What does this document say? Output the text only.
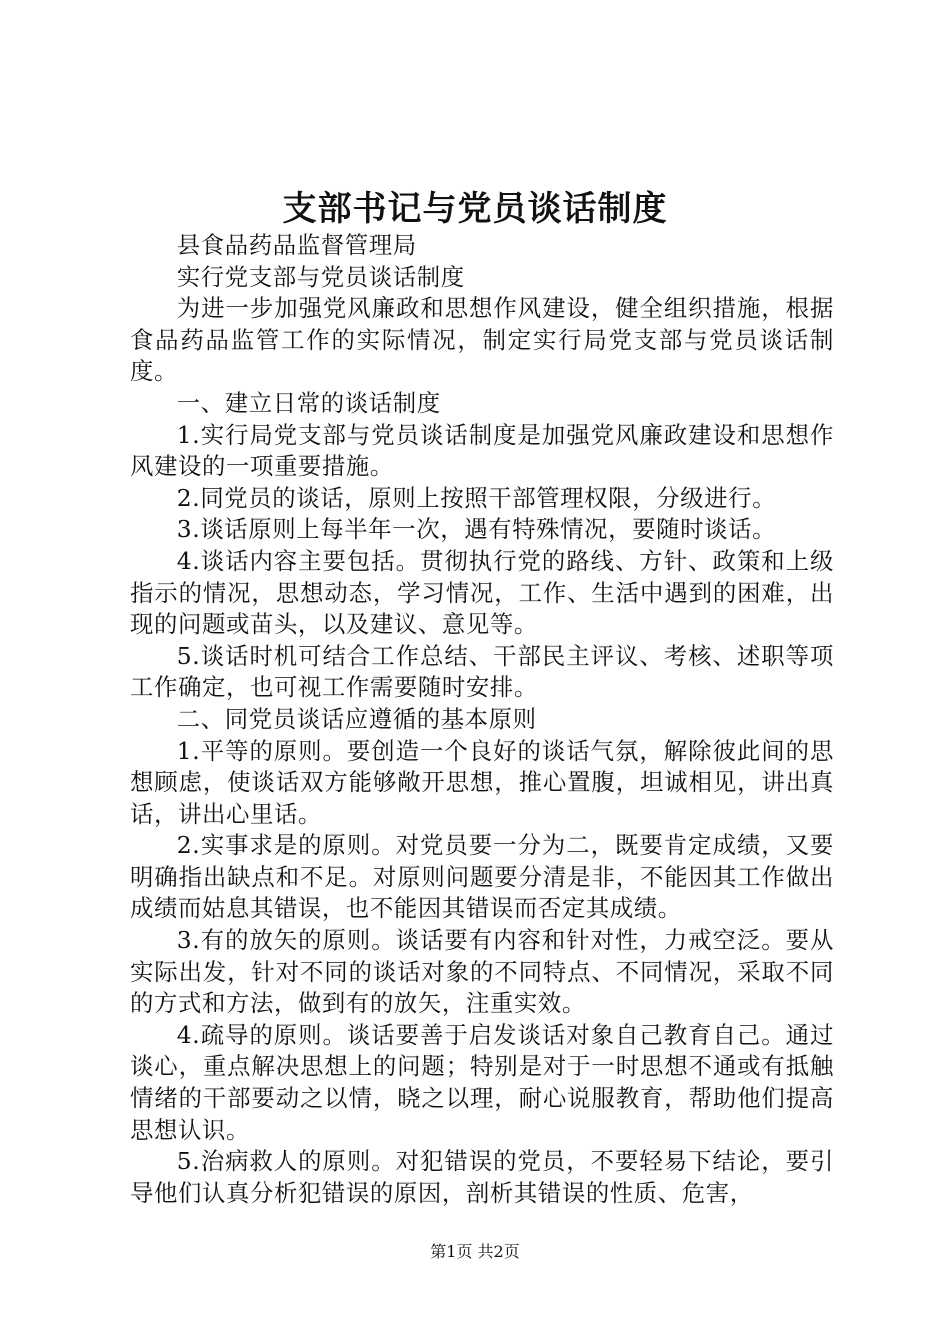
支部书记与党员谈话制度

县食品药品监督管理局

实行党支部与党员谈话制度

为进一步加强党风廉政和思想作风建设，健全组织措施，根据食品药品监管工作的实际情况，制定实行局党支部与党员谈话制度。

一、建立日常的谈话制度

1.实行局党支部与党员谈话制度是加强党风廉政建设和思想作风建设的一项重要措施。

2.同党员的谈话，原则上按照干部管理权限，分级进行。

3.谈话原则上每半年一次，遇有特殊情况，要随时谈话。

4.谈话内容主要包括。贯彻执行党的路线、方针、政策和上级指示的情况，思想动态，学习情况，工作、生活中遇到的困难，出现的问题或苗头，以及建议、意见等。

5.谈话时机可结合工作总结、干部民主评议、考核、述职等项工作确定，也可视工作需要随时安排。

二、同党员谈话应遵循的基本原则

1.平等的原则。要创造一个良好的谈话气氛，解除彼此间的思想顾虑，使谈话双方能够敞开思想，推心置腹，坦诚相见，讲出真话，讲出心里话。

2.实事求是的原则。对党员要一分为二，既要肯定成绩，又要明确指出缺点和不足。对原则问题要分清是非，不能因其工作做出成绩而姑息其错误，也不能因其错误而否定其成绩。

3.有的放矢的原则。谈话要有内容和针对性，力戒空泛。要从实际出发，针对不同的谈话对象的不同特点、不同情况，采取不同的方式和方法，做到有的放矢，注重实效。

4.疏导的原则。谈话要善于启发谈话对象自己教育自己。通过谈心，重点解决思想上的问题；特别是对于一时思想不通或有抵触情绪的干部要动之以情，晓之以理，耐心说服教育，帮助他们提高思想认识。

5.治病救人的原则。对犯错误的党员，不要轻易下结论，要引导他们认真分析犯错误的原因，剖析其错误的性质、危害，

第1页 共2页
